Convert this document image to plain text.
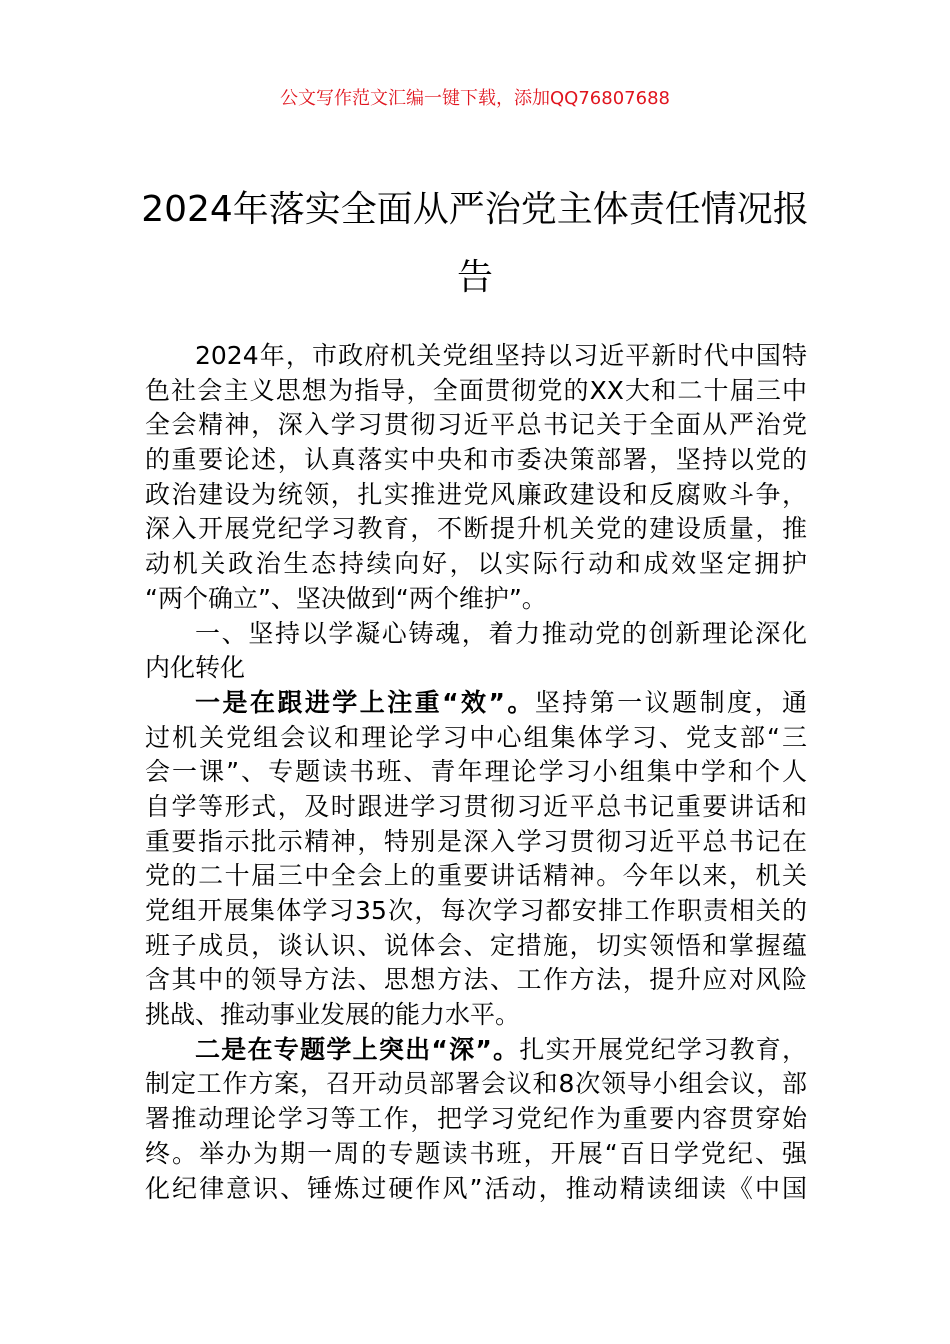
公文写作范文汇编一键下载，添加QQ76807688
2024年落实全面从严治党主体责任情况报
告
2024年，市政府机关党组坚持以习近平新时代中国特
色社会主义思想为指导，全面贯彻党的XX大和二十届三中
全会精神，深入学习贯彻习近平总书记关于全面从严治党
的重要论述，认真落实中央和市委决策部署，坚持以党的
政治建设为统领，扎实推进党风廉政建设和反腐败斗争，
深入开展党纪学习教育，不断提升机关党的建设质量，推
动机关政治生态持续向好，以实际行动和成效坚定拥护
“两个确立”、坚决做到“两个维护”。
一、坚持以学凝心铸魂，着力推动党的创新理论深化
内化转化
一是在跟进学上注重“效”。坚持第一议题制度，通
过机关党组会议和理论学习中心组集体学习、党支部“三
会一课”、专题读书班、青年理论学习小组集中学和个人
自学等形式，及时跟进学习贯彻习近平总书记重要讲话和
重要指示批示精神，特别是深入学习贯彻习近平总书记在
党的二十届三中全会上的重要讲话精神。今年以来，机关
党组开展集体学习35次，每次学习都安排工作职责相关的
班子成员，谈认识、说体会、定措施，切实领悟和掌握蕴
含其中的领导方法、思想方法、工作方法，提升应对风险
挑战、推动事业发展的能力水平。
二是在专题学上突出“深”。扎实开展党纪学习教育，
制定工作方案，召开动员部署会议和8次领导小组会议，部
署推动理论学习等工作，把学习党纪作为重要内容贯穿始
终。举办为期一周的专题读书班，开展“百日学党纪、强
化纪律意识、锤炼过硬作风”活动，推动精读细读《中国
